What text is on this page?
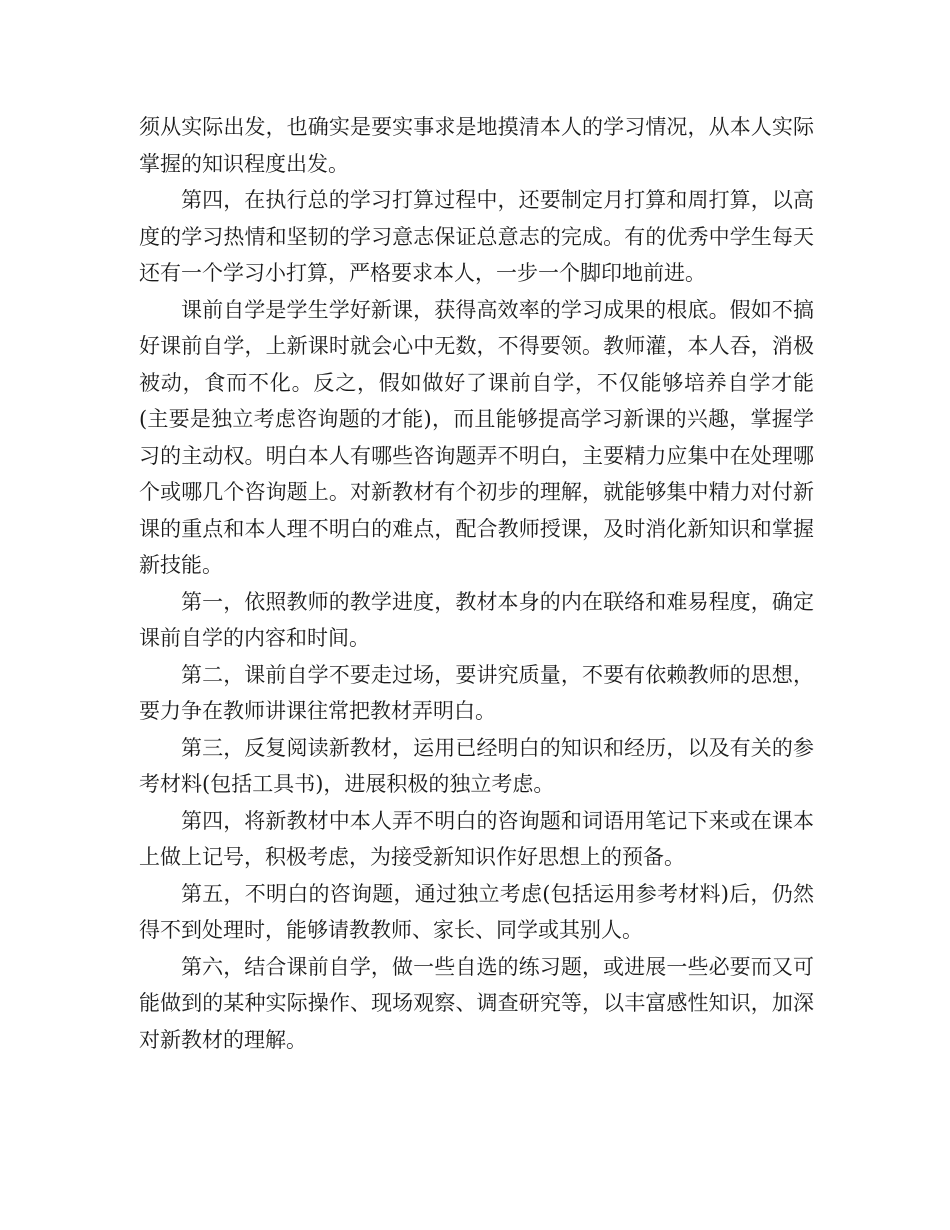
须从实际出发，也确实是要实事求是地摸清本人的学习情况，从本人实际掌握的知识程度出发。

第四，在执行总的学习打算过程中，还要制定月打算和周打算，以高度的学习热情和坚韧的学习意志保证总意志的完成。有的优秀中学生每天还有一个学习小打算，严格要求本人，一步一个脚印地前进。

课前自学是学生学好新课，获得高效率的学习成果的根底。假如不搞好课前自学，上新课时就会心中无数，不得要领。教师灌，本人吞，消极被动，食而不化。反之，假如做好了课前自学，不仅能够培养自学才能(主要是独立考虑咨询题的才能)，而且能够提高学习新课的兴趣，掌握学习的主动权。明白本人有哪些咨询题弄不明白，主要精力应集中在处理哪个或哪几个咨询题上。对新教材有个初步的理解，就能够集中精力对付新课的重点和本人理不明白的难点，配合教师授课，及时消化新知识和掌握新技能。

第一，依照教师的教学进度，教材本身的内在联络和难易程度，确定课前自学的内容和时间。

第二，课前自学不要走过场，要讲究质量，不要有依赖教师的思想，要力争在教师讲课往常把教材弄明白。

第三，反复阅读新教材，运用已经明白的知识和经历，以及有关的参考材料(包括工具书)，进展积极的独立考虑。

第四，将新教材中本人弄不明白的咨询题和词语用笔记下来或在课本上做上记号，积极考虑，为接受新知识作好思想上的预备。

第五，不明白的咨询题，通过独立考虑(包括运用参考材料)后，仍然得不到处理时，能够请教教师、家长、同学或其别人。

第六，结合课前自学，做一些自选的练习题，或进展一些必要而又可能做到的某种实际操作、现场观察、调查研究等，以丰富感性知识，加深对新教材的理解。
